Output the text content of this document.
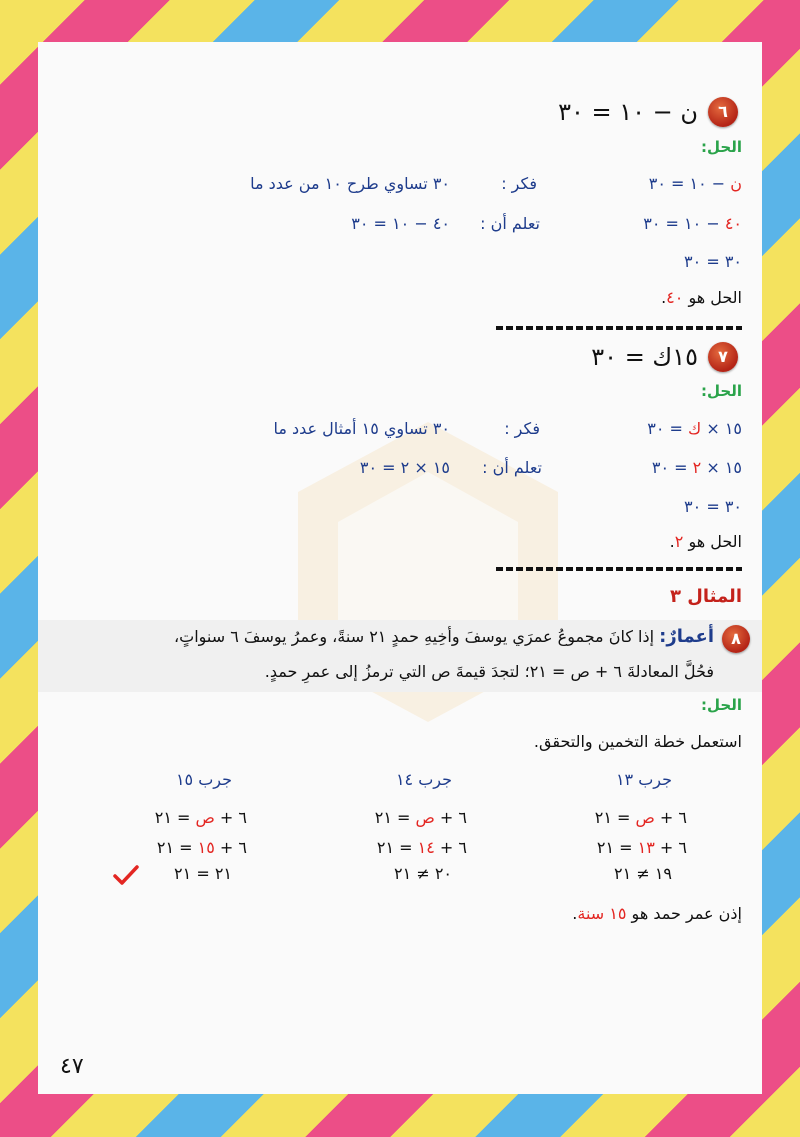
٦
ن − ١٠ = ٣٠
الحل:
ن − ١٠ = ٣٠
٤٠ − ١٠ = ٣٠
٣٠ = ٣٠
فكر :
٣٠ تساوي طرح ١٠ من عدد ما
تعلم أن :
٤٠ − ١٠ = ٣٠
الحل هو ٤٠.
٧
١٥ك = ٣٠
الحل:
١٥ × ك = ٣٠
١٥ × ٢ = ٣٠
٣٠ = ٣٠
فكر :
٣٠ تساوي ١٥ أمثال عدد ما
تعلم أن :
١٥ × ٢ = ٣٠
الحل هو ٢.
المثال ٣
٨
أعمارٌ: إذا كانَ مجموعُ عمرَي يوسفَ وأخِيهِ حمدٍ ٢١ سنةً، وعمرُ يوسفَ ٦ سنواتٍ،
فحُلَّ المعادلةَ ٦ + ص = ٢١؛ لتجدَ قيمةَ ص التي ترمزُ إلى عمرِ حمدٍ.
الحل:
استعمل خطة التخمين والتحقق.
جرب ١٣
جرب ١٤
جرب ١٥
٦ + ص = ٢١
٦ + ص = ٢١
٦ + ص = ٢١
٦ + ١٣ = ٢١
٦ + ١٤ = ٢١
٦ + ١٥ = ٢١
١٩ ≠ ٢١
٢٠ ≠ ٢١
٢١ = ٢١
إذن عمر حمد هو ١٥ سنة.
٤٧
